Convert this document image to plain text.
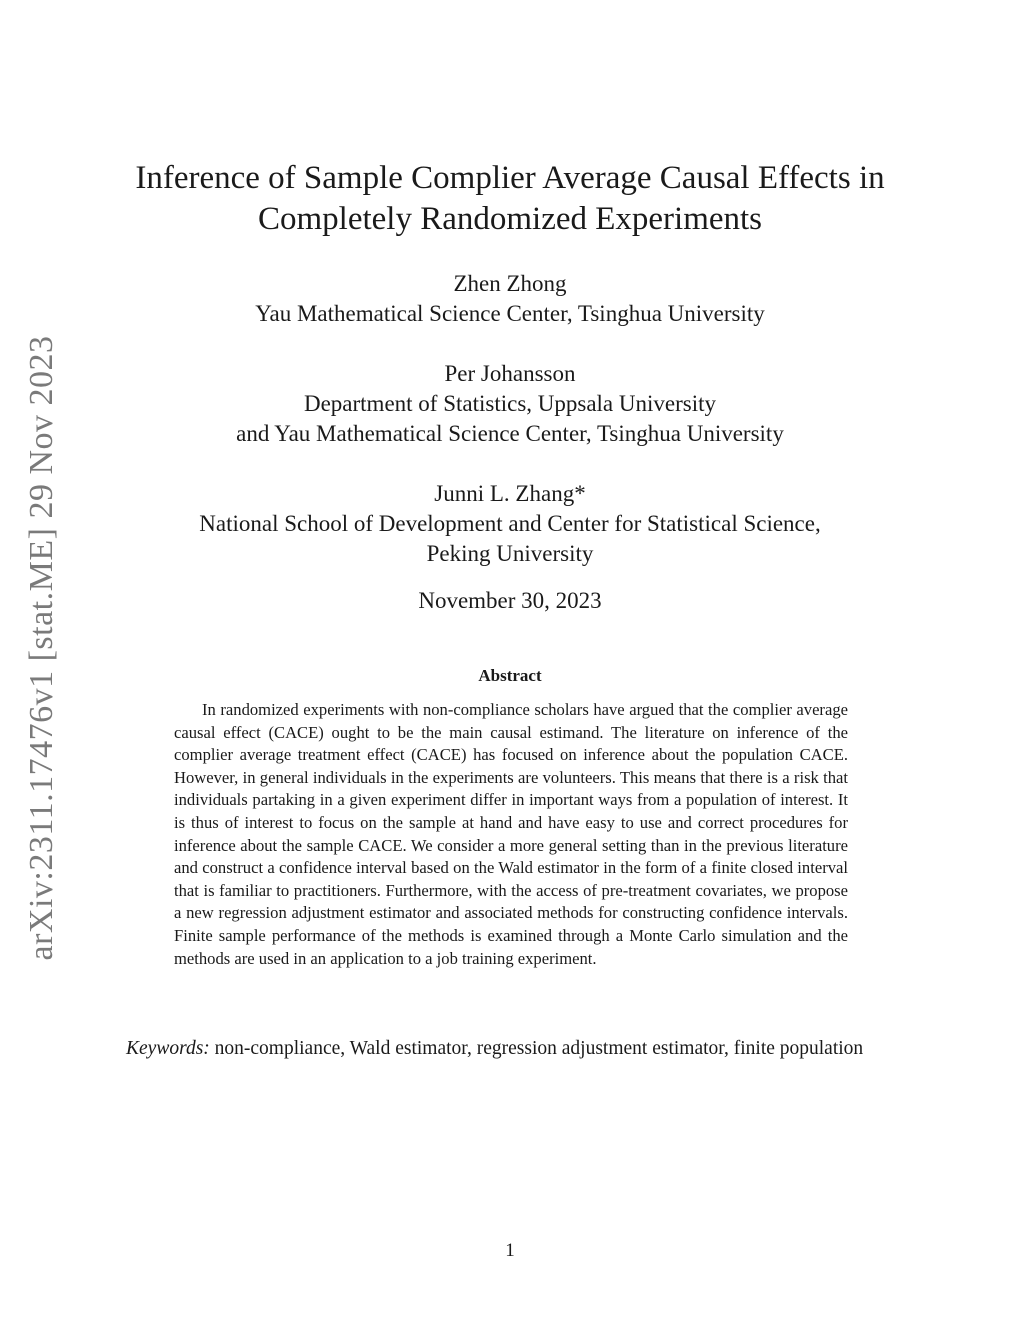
arXiv:2311.17476v1 [stat.ME] 29 Nov 2023
Inference of Sample Complier Average Causal Effects in
Completely Randomized Experiments
Zhen Zhong
Yau Mathematical Science Center, Tsinghua University
Per Johansson
Department of Statistics, Uppsala University
and Yau Mathematical Science Center, Tsinghua University
Junni L. Zhang*
National School of Development and Center for Statistical Science,
Peking University
November 30, 2023
Abstract

In randomized experiments with non-compliance scholars have argued that the complier average causal effect (CACE) ought to be the main causal estimand. The literature on inference of the complier average treatment effect (CACE) has focused on inference about the population CACE. However, in general individuals in the experiments are volunteers. This means that there is a risk that individuals partaking in a given experiment differ in important ways from a population of interest. It is thus of interest to focus on the sample at hand and have easy to use and correct procedures for inference about the sample CACE. We consider a more general setting than in the previous literature and construct a confidence interval based on the Wald estimator in the form of a finite closed interval that is familiar to practitioners. Furthermore, with the access of pre-treatment covariates, we propose a new regression adjustment estimator and associated methods for constructing confidence intervals. Finite sample performance of the methods is examined through a Monte Carlo simulation and the methods are used in an application to a job training experiment.

Keywords: non-compliance, Wald estimator, regression adjustment estimator, finite population

1
